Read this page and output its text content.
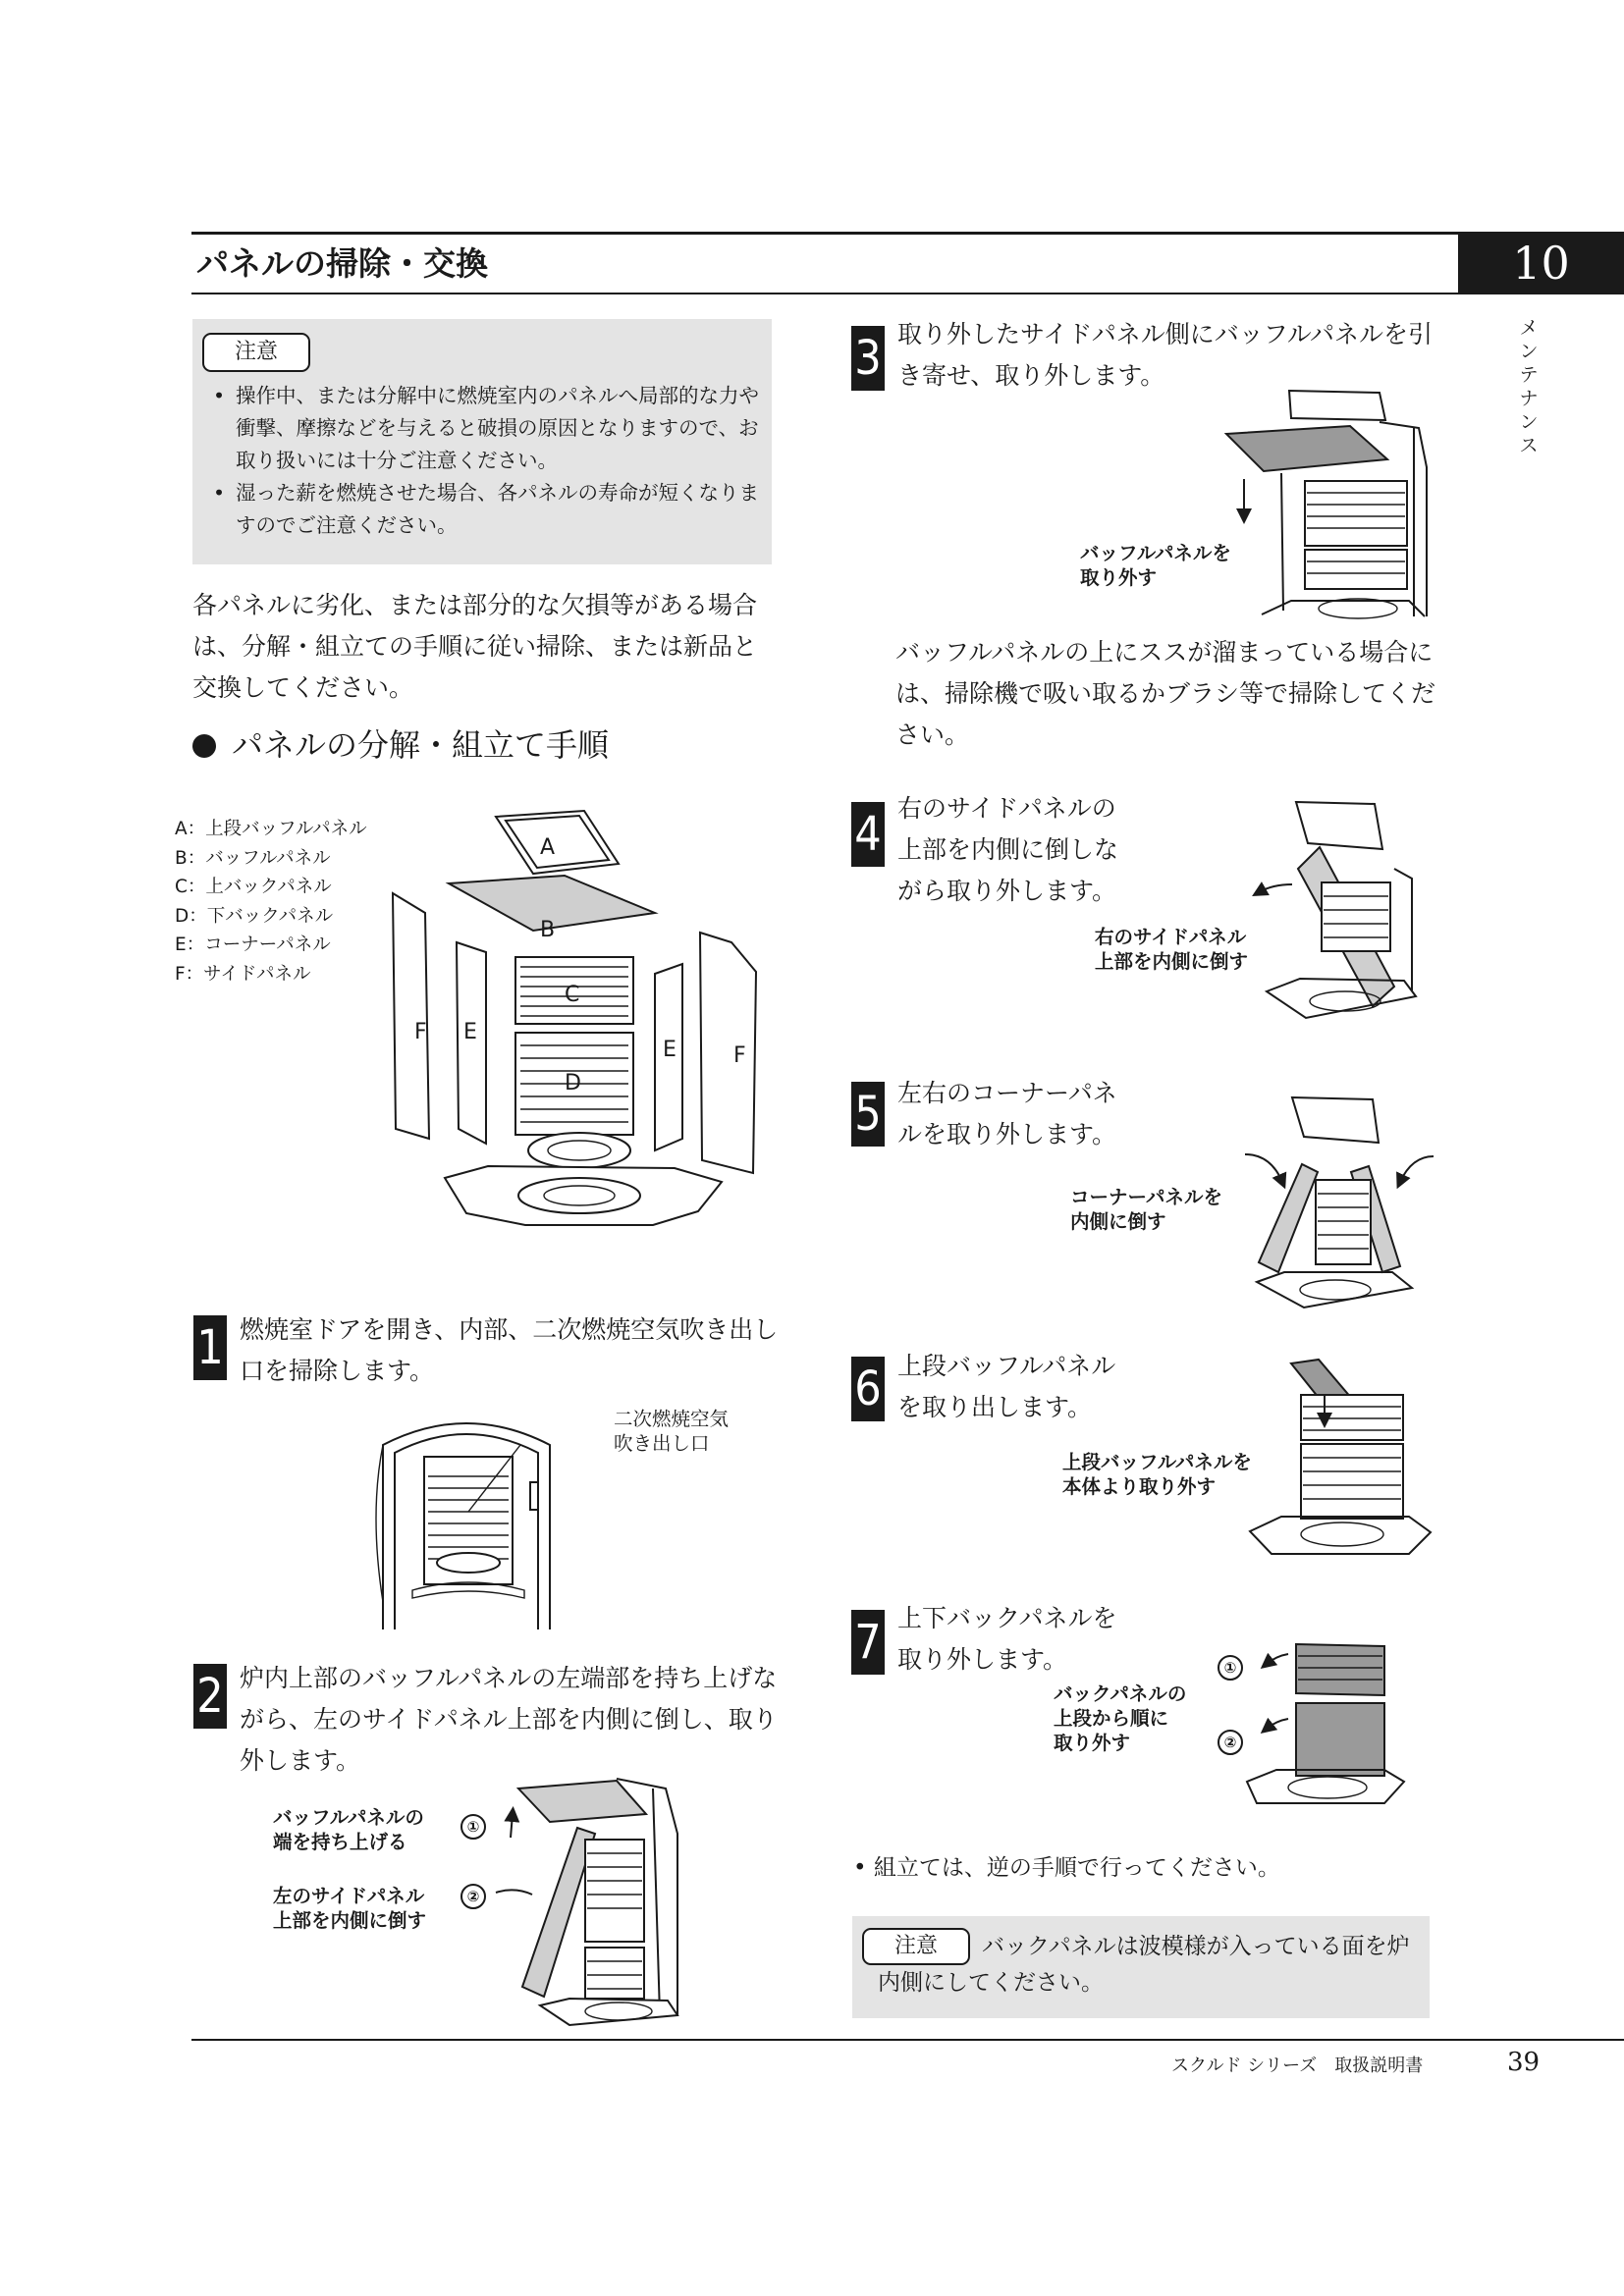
パネルの掃除・交換	10
メ
ン
テ
ナ
ン
ス
注意
• 操作中、または分解中に燃焼室内のパネルへ局部的な力や衝撃、摩擦などを与えると破損の原因となりますので、お取り扱いには十分ご注意ください。
• 湿った薪を燃焼させた場合、各パネルの寿命が短くなりますのでご注意ください。
各パネルに劣化、または部分的な欠損等がある場合は、分解・組立ての手順に従い掃除、または新品と交換してください。
パネルの分解・組立て手順
A：上段バッフルパネル
B：バッフルパネル
C：上バックパネル
D：下バックパネル
E：コーナーパネル
F：サイドパネル
A
B
C
D
E
E
F
F
1 燃焼室ドアを開き、内部、二次燃焼空気吹き出し口を掃除します。
二次燃焼空気
吹き出し口
2 炉内上部のバッフルパネルの左端部を持ち上げながら、左のサイドパネル上部を内側に倒し、取り外します。
バッフルパネルの
端を持ち上げる
①
左のサイドパネル
上部を内側に倒す
②
3 取り外したサイドパネル側にバッフルパネルを引き寄せ、取り外します。
バッフルパネルを
取り外す
バッフルパネルの上にススが溜まっている場合には、掃除機で吸い取るかブラシ等で掃除してください。
4 右のサイドパネルの
上部を内側に倒しな
がら取り外します。
右のサイドパネル
上部を内側に倒す
5 左右のコーナーパネ
ルを取り外します。
コーナーパネルを
内側に倒す
6 上段バッフルパネル
を取り出します。
上段バッフルパネルを
本体より取り外す
7 上下バックパネルを
取り外します。
バックパネルの
上段から順に
取り外す
①
②
• 組立ては、逆の手順で行ってください。
注意	バックパネルは波模様が入っている面を炉
内側にしてください。
スクルド シリーズ　取扱説明書	39
